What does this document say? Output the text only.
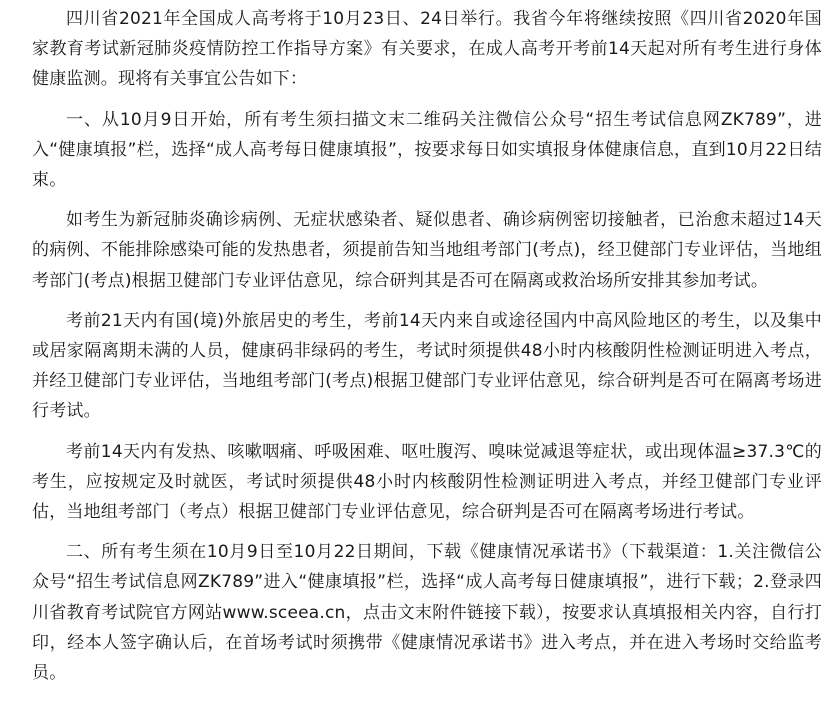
四川省2021年全国成人高考将于10月23日、24日举行。我省今年将继续按照《四川省2020年国家教育考试新冠肺炎疫情防控工作指导方案》有关要求，在成人高考开考前14天起对所有考生进行身体健康监测。现将有关事宜公告如下：

一、从10月9日开始，所有考生须扫描文末二维码关注微信公众号“招生考试信息网ZK789”，进入“健康填报”栏，选择“成人高考每日健康填报”，按要求每日如实填报身体健康信息，直到10月22日结束。

如考生为新冠肺炎确诊病例、无症状感染者、疑似患者、确诊病例密切接触者，已治愈未超过14天的病例、不能排除感染可能的发热患者，须提前告知当地组考部门(考点)，经卫健部门专业评估，当地组考部门(考点)根据卫健部门专业评估意见，综合研判其是否可在隔离或救治场所安排其参加考试。

考前21天内有国(境)外旅居史的考生，考前14天内来自或途径国内中高风险地区的考生，以及集中或居家隔离期未满的人员，健康码非绿码的考生，考试时须提供48小时内核酸阴性检测证明进入考点，并经卫健部门专业评估，当地组考部门(考点)根据卫健部门专业评估意见，综合研判是否可在隔离考场进行考试。

考前14天内有发热、咳嗽咽痛、呼吸困难、呕吐腹泻、嗅味觉减退等症状，或出现体温≥37.3℃的考生，应按规定及时就医，考试时须提供48小时内核酸阴性检测证明进入考点，并经卫健部门专业评估，当地组考部门（考点）根据卫健部门专业评估意见，综合研判是否可在隔离考场进行考试。

二、所有考生须在10月9日至10月22日期间，下载《健康情况承诺书》（下载渠道：1.关注微信公众号“招生考试信息网ZK789”进入“健康填报”栏，选择“成人高考每日健康填报”，进行下载；2.登录四川省教育考试院官方网站www.sceea.cn，点击文末附件链接下载），按要求认真填报相关内容，自行打印，经本人签字确认后，在首场考试时须携带《健康情况承诺书》进入考点，并在进入考场时交给监考员。
